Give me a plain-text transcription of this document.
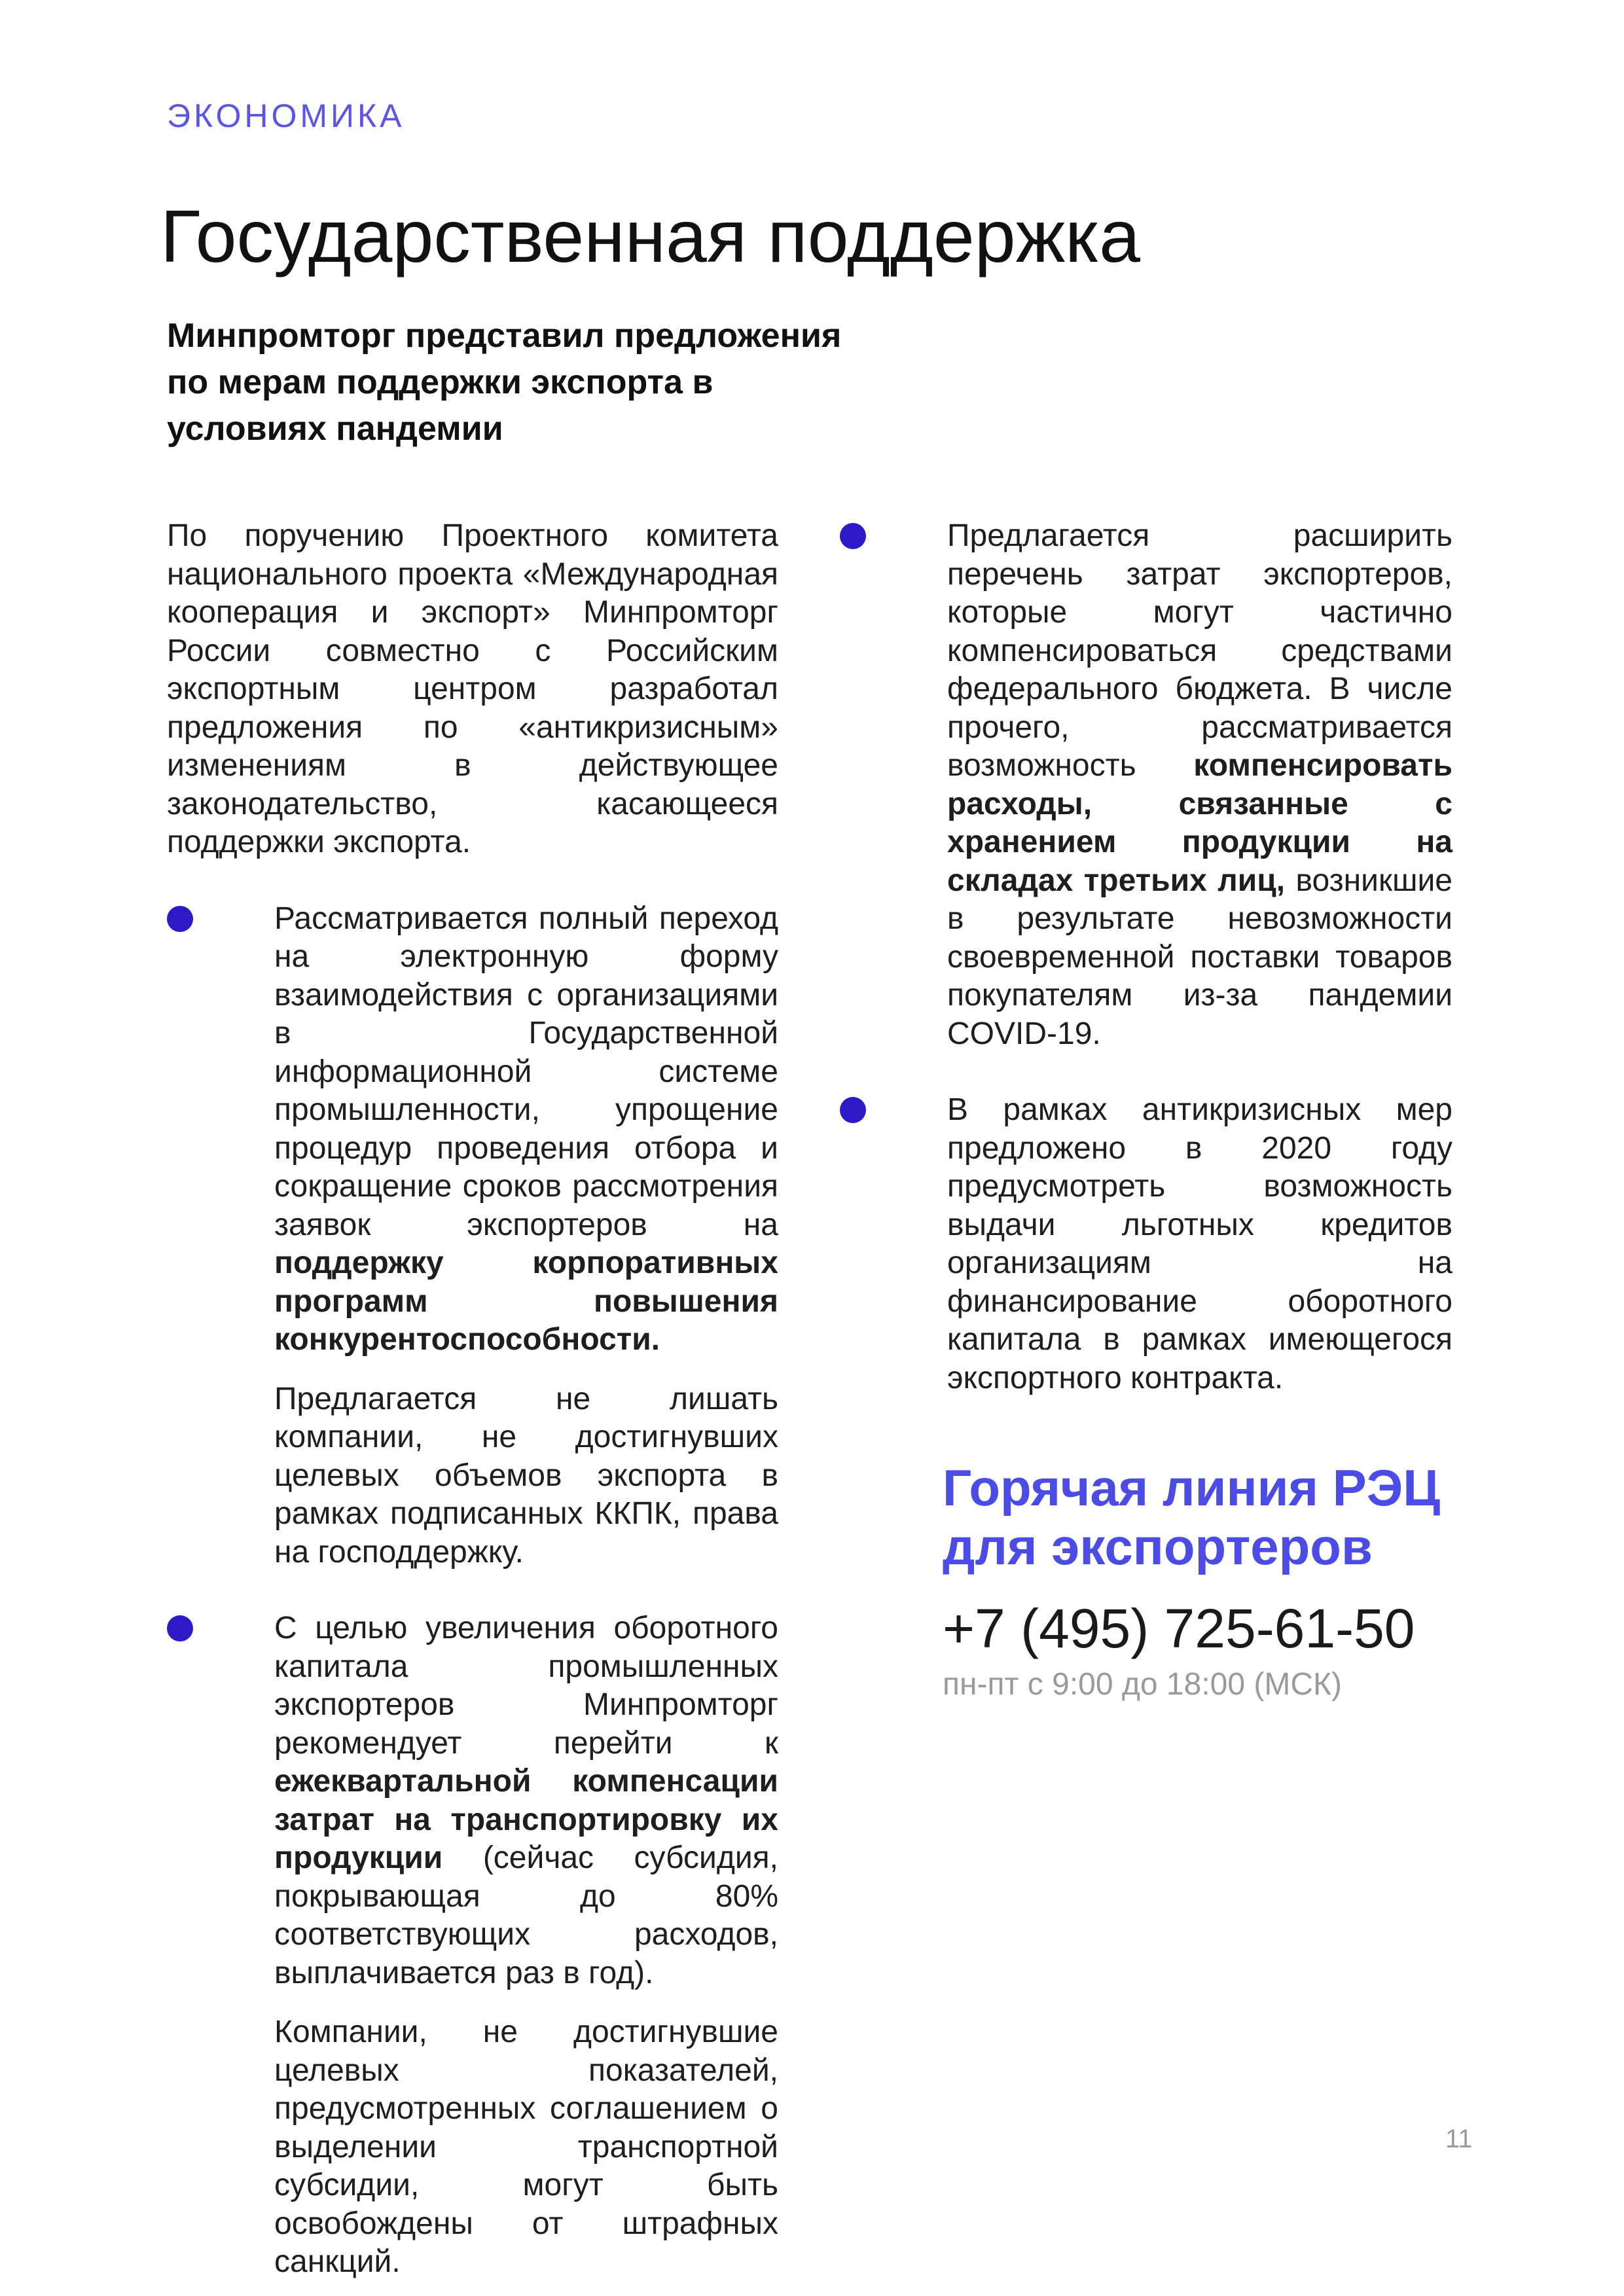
ЭКОНОМИКА
Государственная поддержка
Минпромторг представил предложения по мерам поддержки экспорта в условиях пандемии

По поручению Проектного комитета национального проекта «Международная кооперация и экспорт» Минпромторг России совместно с Российским экспортным центром разработал предложения по «антикризисным» изменениям в действующее законодательство, касающееся поддержки экспорта.

Рассматривается полный переход на электронную форму взаимодействия с организациями в Государственной информационной системе промышленности, упрощение процедур проведения отбора и сокращение сроков рассмотрения заявок экспортеров на поддержку корпоративных программ повышения конкурентоспособности.

Предлагается не лишать компании, не достигнувших целевых объемов экспорта в рамках подписанных ККПК, права на господдержку.

С целью увеличения оборотного капитала промышленных экспортеров Минпромторг рекомендует перейти к ежеквартальной компенсации затрат на транспортировку их продукции (сейчас субсидия, покрывающая до 80% соответствующих расходов, выплачивается раз в год).

Компании, не достигнувшие целевых показателей, предусмотренных соглашением о выделении транспортной субсидии, могут быть освобождены от штрафных санкций.

Предлагается расширить перечень затрат экспортеров, которые могут частично компенсироваться средствами федерального бюджета. В числе прочего, рассматривается возможность компенсировать расходы, связанные с хранением продукции на складах третьих лиц, возникшие в результате невозможности своевременной поставки товаров покупателям из-за пандемии COVID-19.

В рамках антикризисных мер предложено в 2020 году предусмотреть возможность выдачи льготных кредитов организациям на финансирование оборотного капитала в рамках имеющегося экспортного контракта.

Горячая линия РЭЦ для экспортеров

+7 (495) 725-61-50
пн-пт с 9:00 до 18:00 (МСК)
11
